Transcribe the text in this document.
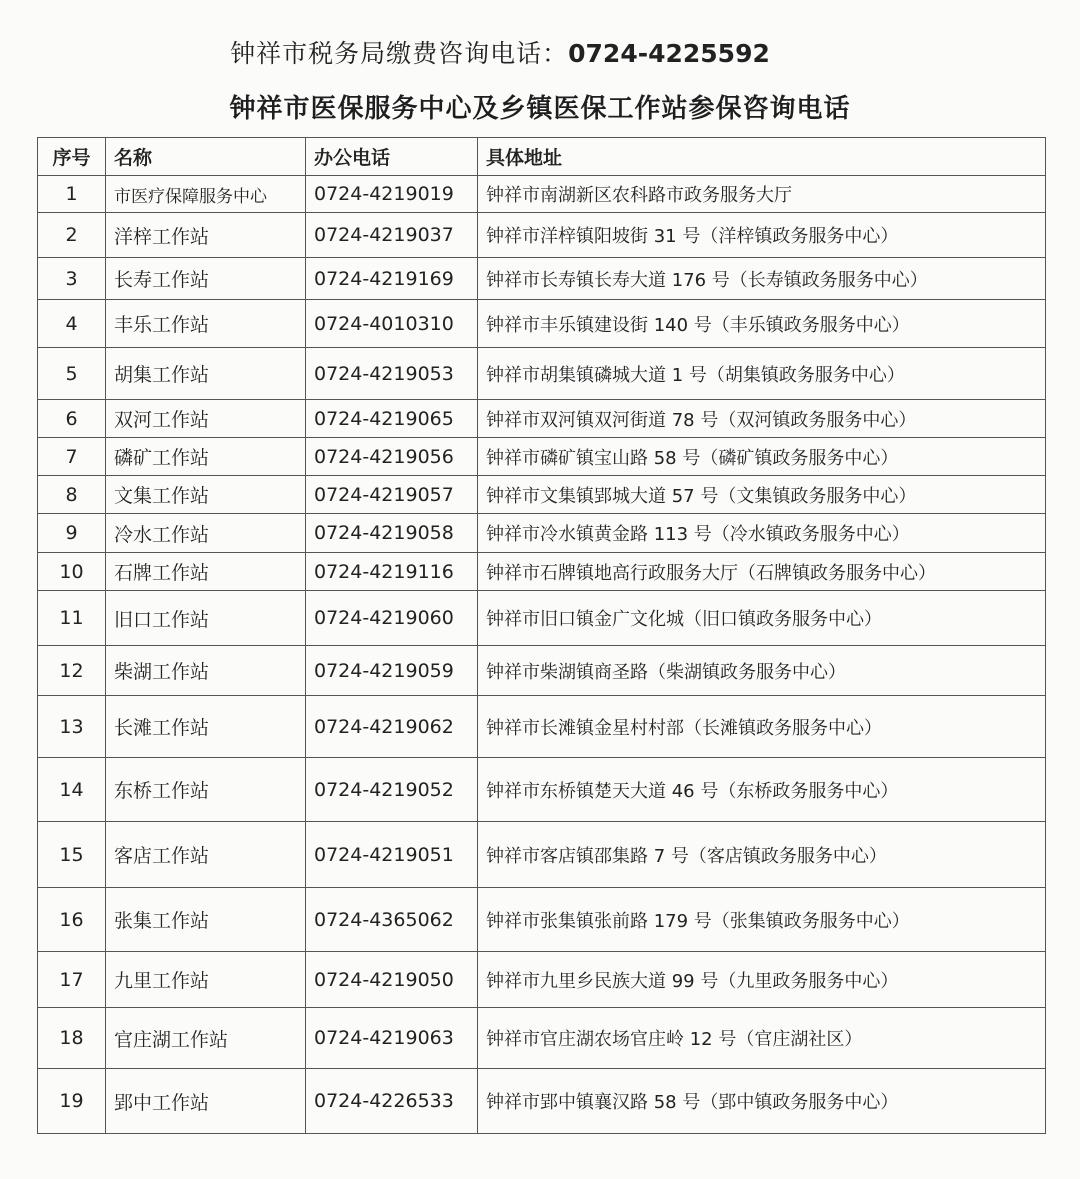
钟祥市税务局缴费咨询电话：0724-4225592
钟祥市医保服务中心及乡镇医保工作站参保咨询电话
序号	名称	办公电话	具体地址
1	市医疗保障服务中心	0724-4219019	钟祥市南湖新区农科路市政务服务大厅
2	洋梓工作站	0724-4219037	钟祥市洋梓镇阳坡街 31 号（洋梓镇政务服务中心）
3	长寿工作站	0724-4219169	钟祥市长寿镇长寿大道 176 号（长寿镇政务服务中心）
4	丰乐工作站	0724-4010310	钟祥市丰乐镇建设街 140 号（丰乐镇政务服务中心）
5	胡集工作站	0724-4219053	钟祥市胡集镇磷城大道 1 号（胡集镇政务服务中心）
6	双河工作站	0724-4219065	钟祥市双河镇双河街道 78 号（双河镇政务服务中心）
7	磷矿工作站	0724-4219056	钟祥市磷矿镇宝山路 58 号（磷矿镇政务服务中心）
8	文集工作站	0724-4219057	钟祥市文集镇郢城大道 57 号（文集镇政务服务中心）
9	冷水工作站	0724-4219058	钟祥市冷水镇黄金路 113 号（冷水镇政务服务中心）
10	石牌工作站	0724-4219116	钟祥市石牌镇地高行政服务大厅（石牌镇政务服务中心）
11	旧口工作站	0724-4219060	钟祥市旧口镇金广文化城（旧口镇政务服务中心）
12	柴湖工作站	0724-4219059	钟祥市柴湖镇商圣路（柴湖镇政务服务中心）
13	长滩工作站	0724-4219062	钟祥市长滩镇金星村村部（长滩镇政务服务中心）
14	东桥工作站	0724-4219052	钟祥市东桥镇楚天大道 46 号（东桥政务服务中心）
15	客店工作站	0724-4219051	钟祥市客店镇邵集路 7 号（客店镇政务服务中心）
16	张集工作站	0724-4365062	钟祥市张集镇张前路 179 号（张集镇政务服务中心）
17	九里工作站	0724-4219050	钟祥市九里乡民族大道 99 号（九里政务服务中心）
18	官庄湖工作站	0724-4219063	钟祥市官庄湖农场官庄岭 12 号（官庄湖社区）
19	郢中工作站	0724-4226533	钟祥市郢中镇襄汉路 58 号（郢中镇政务服务中心）
